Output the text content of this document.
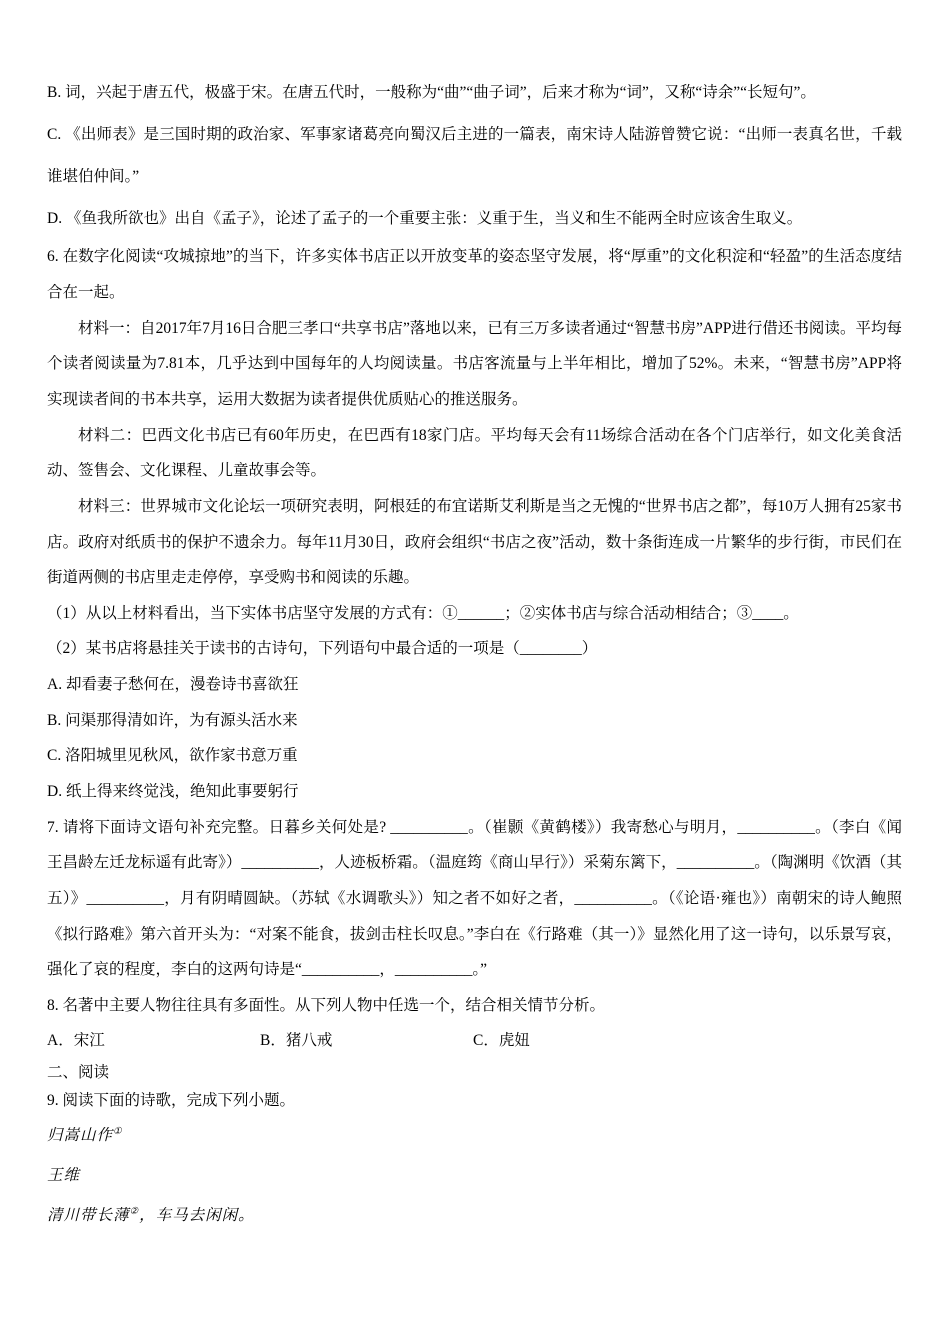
B. 词，兴起于唐五代，极盛于宋。在唐五代时，一般称为“曲”“曲子词”，后来才称为“词”，又称“诗余”“长短句”。
C. 《出师表》是三国时期的政治家、军事家诸葛亮向蜀汉后主进的一篇表，南宋诗人陆游曾赞它说：“出师一表真名世，千载谁堪伯仲间。”
D. 《鱼我所欲也》出自《孟子》，论述了孟子的一个重要主张：义重于生，当义和生不能两全时应该舍生取义。
6. 在数字化阅读“攻城掠地”的当下，许多实体书店正以开放变革的姿态坚守发展，将“厚重”的文化积淀和“轻盈”的生活态度结合在一起。
材料一：自2017年7月16日合肥三孝口“共享书店”落地以来，已有三万多读者通过“智慧书房”APP进行借还书阅读。平均每个读者阅读量为7.81本，几乎达到中国每年的人均阅读量。书店客流量与上半年相比，增加了52%。未来，“智慧书房”APP将实现读者间的书本共享，运用大数据为读者提供优质贴心的推送服务。
材料二：巴西文化书店已有60年历史，在巴西有18家门店。平均每天会有11场综合活动在各个门店举行，如文化美食活动、签售会、文化课程、儿童故事会等。
材料三：世界城市文化论坛一项研究表明，阿根廷的布宜诺斯艾利斯是当之无愧的“世界书店之都”，每10万人拥有25家书店。政府对纸质书的保护不遗余力。每年11月30日，政府会组织“书店之夜”活动，数十条街连成一片繁华的步行街，市民们在街道两侧的书店里走走停停，享受购书和阅读的乐趣。
（1）从以上材料看出，当下实体书店坚守发展的方式有：①______；②实体书店与综合活动相结合；③____。
（2）某书店将悬挂关于读书的古诗句，下列语句中最合适的一项是（________）
A. 却看妻子愁何在，漫卷诗书喜欲狂
B. 问渠那得清如许，为有源头活水来
C. 洛阳城里见秋风，欲作家书意万重
D. 纸上得来终觉浅，绝知此事要躬行
7. 请将下面诗文语句补充完整。日暮乡关何处是? __________。（崔颢《黄鹤楼》）我寄愁心与明月，__________。（李白《闻王昌龄左迁龙标遥有此寄》）__________，人迹板桥霜。（温庭筠《商山早行》）采菊东篱下，__________。（陶渊明《饮酒（其五）》__________，月有阴晴圆缺。（苏轼《水调歌头》）知之者不如好之者，__________。（《论语·雍也》）南朝宋的诗人鲍照《拟行路难》第六首开头为：“对案不能食，拔剑击柱长叹息。”李白在《行路难（其一）》显然化用了这一诗句，以乐景写哀，强化了哀的程度，李白的这两句诗是“__________，__________。”
8. 名著中主要人物往往具有多面性。从下列人物中任选一个，结合相关情节分析。
A．宋江	B．猪八戒	C．虎妞
二、阅读
9. 阅读下面的诗歌，完成下列小题。
归嵩山作①
王维
清川带长薄②，车马去闲闲。
